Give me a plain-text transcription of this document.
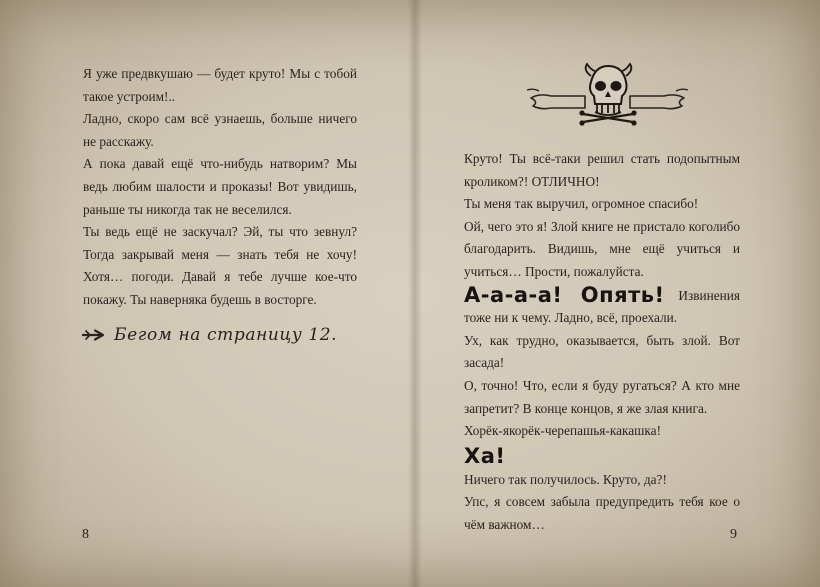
Я уже предвкушаю — будет круто! Мы с тобой такое устроим!..

Ладно, скоро сам всё узнаешь, больше ничего не расскажу.

А пока давай ещё что-нибудь натворим? Мы ведь любим шалости и проказы! Вот увидишь, раньше ты никогда так не веселился.

Ты ведь ещё не заскучал? Эй, ты что зевнул? Тогда закрывай меня — знать тебя не хочу! Хотя… погоди. Давай я тебе лучше кое-что покажу. Ты наверняка будешь в восторге.

Бегом на страницу 12.
8

Круто! Ты всё-таки решил стать подопытным кроликом?! ОТЛИЧНО!

Ты меня так выручил, огромное спасибо!

Ой, чего это я! Злой книге не пристало коголибо благодарить. Видишь, мне ещё учиться и учиться… Прости, пожалуйста.

А-а-а-а! Опять! Извинения тоже ни к чему. Ладно, всё, проехали.

Ух, как трудно, оказывается, быть злой. Вот засада!

О, точно! Что, если я буду ругаться? А кто мне запретит? В конце концов, я же злая книга.

Хорёк-якорёк-черепашья-какашка!

Ха!

Ничего так получилось. Круто, да?!

Упс, я совсем забыла предупредить тебя кое о чём важном…

9
